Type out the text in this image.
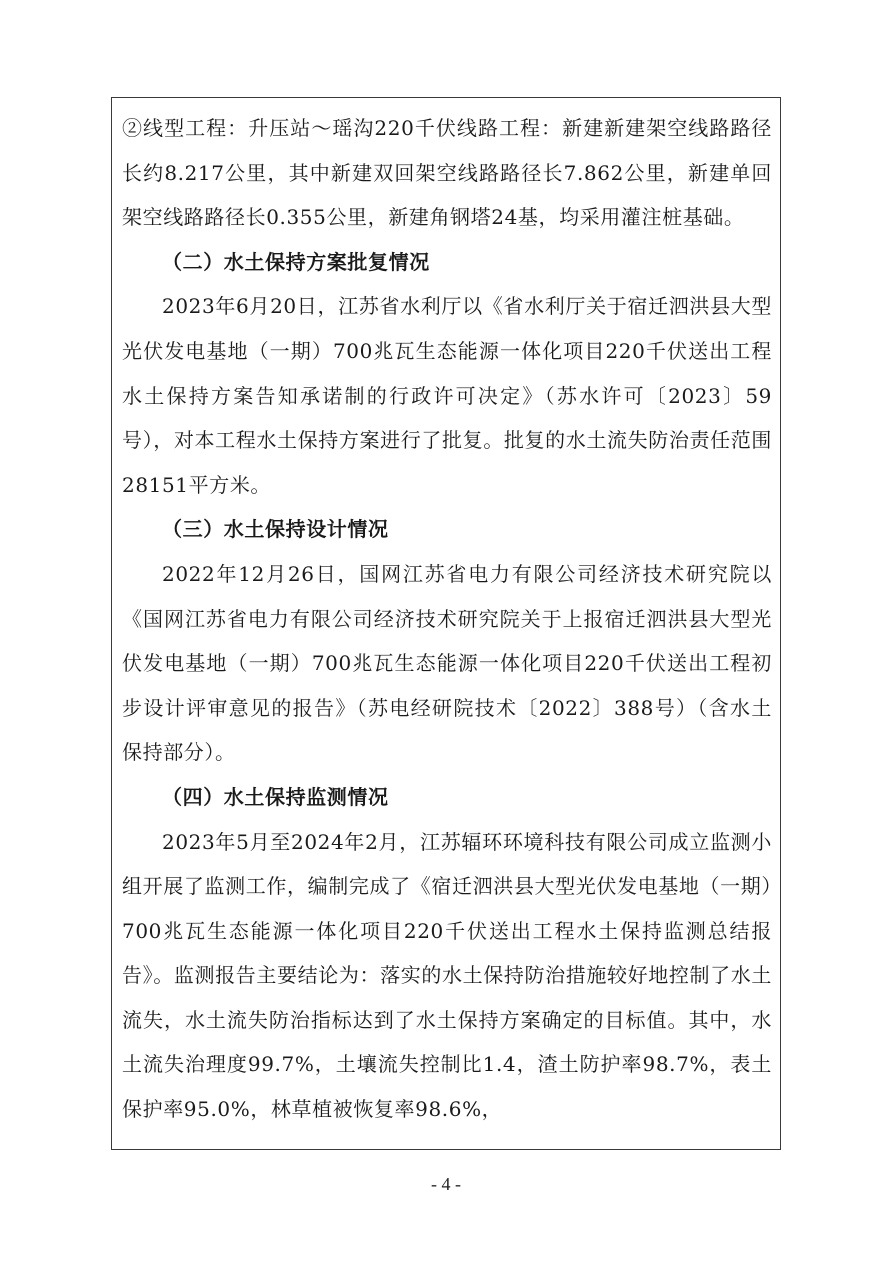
②线型工程：升压站～瑶沟220千伏线路工程：新建新建架空线路路径长约8.217公里，其中新建双回架空线路路径长7.862公里，新建单回架空线路路径长0.355公里，新建角钢塔24基，均采用灌注桩基础。

（二）水土保持方案批复情况

2023年6月20日，江苏省水利厅以《省水利厅关于宿迁泗洪县大型光伏发电基地（一期）700兆瓦生态能源一体化项目220千伏送出工程水土保持方案告知承诺制的行政许可决定》（苏水许可〔2023〕59号），对本工程水土保持方案进行了批复。批复的水土流失防治责任范围28151平方米。

（三）水土保持设计情况

2022年12月26日，国网江苏省电力有限公司经济技术研究院以《国网江苏省电力有限公司经济技术研究院关于上报宿迁泗洪县大型光伏发电基地（一期）700兆瓦生态能源一体化项目220千伏送出工程初步设计评审意见的报告》（苏电经研院技术〔2022〕388号）（含水土保持部分）。

（四）水土保持监测情况

2023年5月至2024年2月，江苏辐环环境科技有限公司成立监测小组开展了监测工作，编制完成了《宿迁泗洪县大型光伏发电基地（一期）700兆瓦生态能源一体化项目220千伏送出工程水土保持监测总结报告》。监测报告主要结论为：落实的水土保持防治措施较好地控制了水土流失，水土流失防治指标达到了水土保持方案确定的目标值。其中，水土流失治理度99.7%，土壤流失控制比1.4，渣土防护率98.7%，表土保护率95.0%，林草植被恢复率98.6%，

- 4 -
